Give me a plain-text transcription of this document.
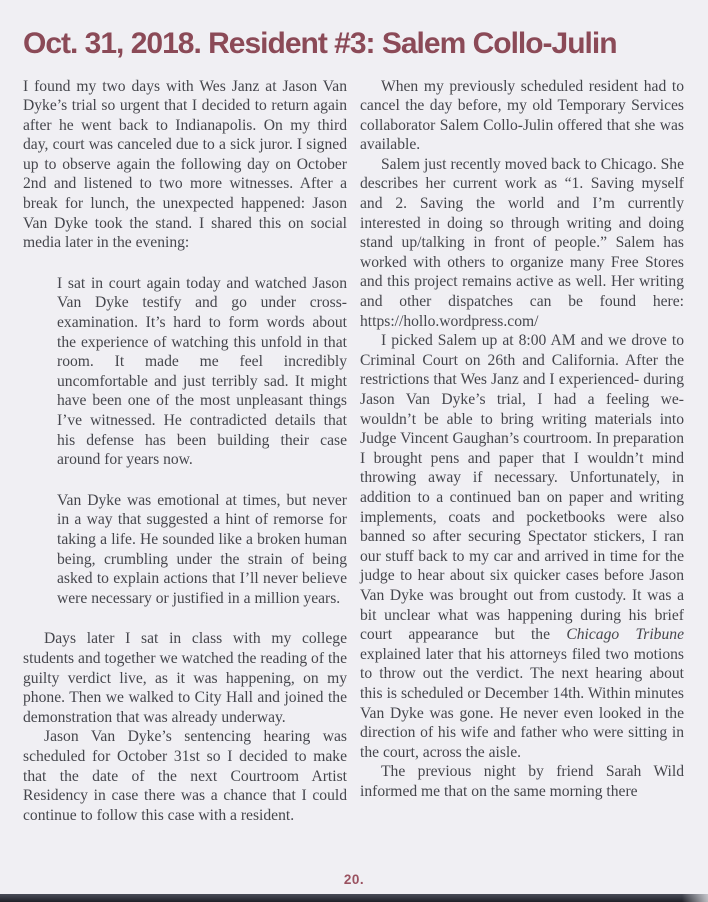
Oct. 31, 2018. Resident #3: Salem Collo-Julin

I found my two days with Wes Janz at Jason Van Dyke’s trial so urgent that I decided to return again after he went back to Indianapolis. On my third day, court was canceled due to a sick juror. I signed up to observe again the following day on October 2nd and listened to two more witnesses. After a break for lunch, the unexpected happened: Jason Van Dyke took the stand. I shared this on social media later in the evening:

I sat in court again today and watched Jason Van Dyke testify and go under cross-examination. It’s hard to form words about the experience of watching this unfold in that room. It made me feel incredibly uncomfortable and just terribly sad. It might have been one of the most unpleasant things I’ve witnessed. He contradicted details that his defense has been building their case around for years now.

Van Dyke was emotional at times, but never in a way that suggested a hint of remorse for taking a life. He sounded like a broken human being, crumbling under the strain of being asked to explain actions that I’ll never believe were necessary or justified in a million years.

Days later I sat in class with my college students and together we watched the reading of the guilty verdict live, as it was happening, on my phone. Then we walked to City Hall and joined the demonstration that was already underway.

Jason Van Dyke’s sentencing hearing was scheduled for October 31st so I decided to make that the date of the next Courtroom Artist Residency in case there was a chance that I could continue to follow this case with a resident.

When my previously scheduled resident had to cancel the day before, my old Temporary Services collaborator Salem Collo-Julin offered that she was available.

Salem just recently moved back to Chicago. She describes her current work as “1. Saving myself and 2. Saving the world and I’m currently interested in doing so through writing and doing stand up/talking in front of people.” Salem has worked with others to organize many Free Stores and this project remains active as well. Her writing and other dispatches can be found here: https://hollo.wordpress.com/

I picked Salem up at 8:00 AM and we drove to Criminal Court on 26th and California. After the restrictions that Wes Janz and I experienced- during Jason Van Dyke’s trial, I had a feeling we- wouldn’t be able to bring writing materials into Judge Vincent Gaughan’s courtroom. In preparation I brought pens and paper that I wouldn’t mind throwing away if necessary. Unfortunately, in addition to a continued ban on paper and writing implements, coats and pocketbooks were also banned so after securing Spectator stickers, I ran our stuff back to my car and arrived in time for the judge to hear about six quicker cases before Jason Van Dyke was brought out from custody. It was a bit unclear what was happening during his brief court appearance but the Chicago Tribune explained later that his attorneys filed two motions to throw out the verdict. The next hearing about this is scheduled or December 14th. Within minutes Van Dyke was gone. He never even looked in the direction of his wife and father who were sitting in the court, across the aisle.

The previous night by friend Sarah Wild informed me that on the same morning there

20.
